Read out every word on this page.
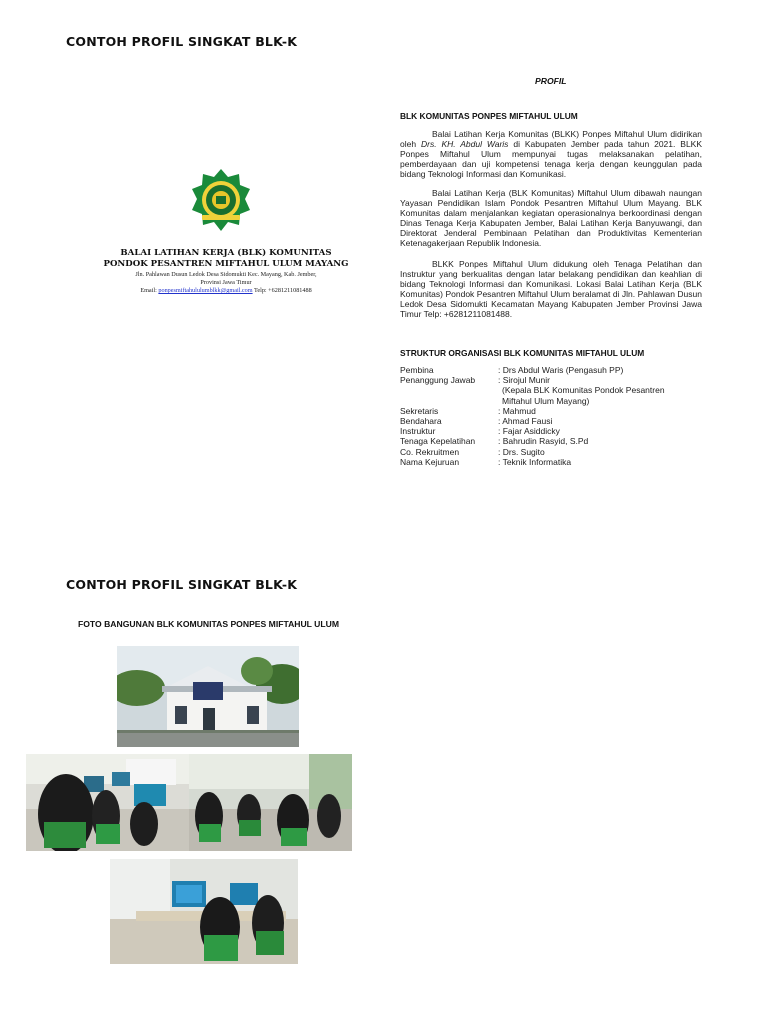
CONTOH PROFIL SINGKAT BLK-K
BALAI LATIHAN KERJA (BLK) KOMUNITAS
PONDOK PESANTREN MIFTAHUL ULUM MAYANG
Jln. Pahlawan Dusun Ledok Desa Sidomukti Kec. Mayang, Kab. Jember,
Provinsi Jawa Timur
Email: ponpesmiftahululumblkk@gmail.com Telp: +6281211081488
PROFIL
BLK KOMUNITAS PONPES MIFTAHUL ULUM

Balai Latihan Kerja Komunitas (BLKK) Ponpes Miftahul Ulum didirikan oleh Drs. KH. Abdul Waris di Kabupaten Jember pada tahun 2021. BLKK Ponpes Miftahul Ulum mempunyai tugas melaksanakan pelatihan, pemberdayaan dan uji kompetensi tenaga kerja dengan keunggulan pada bidang Teknologi Informasi dan Komunikasi.

Balai Latihan Kerja (BLK Komunitas) Miftahul Ulum dibawah naungan Yayasan Pendidikan Islam Pondok Pesantren Miftahul Ulum Mayang. BLK Komunitas dalam menjalankan kegiatan operasionalnya berkoordinasi dengan Dinas Tenaga Kerja Kabupaten Jember, Balai Latihan Kerja Banyuwangi, dan Direktorat Jenderal Pembinaan Pelatihan dan Produktivitas Kementerian Ketenagakerjaan Republik Indonesia.

BLKK Ponpes Miftahul Ulum didukung oleh Tenaga Pelatihan dan Instruktur yang berkualitas dengan latar belakang pendidikan dan keahlian di bidang Teknologi Informasi dan Komunikasi. Lokasi Balai Latihan Kerja (BLK Komunitas) Pondok Pesantren Miftahul Ulum beralamat di Jln. Pahlawan Dusun Ledok Desa Sidomukti Kecamatan Mayang Kabupaten Jember Provinsi Jawa Timur Telp: +6281211081488.

STRUKTUR ORGANISASI BLK KOMUNITAS MIFTAHUL ULUM
Pembina	: Drs Abdul Waris (Pengasuh PP)
Penanggung Jawab	: Sirojul Munir
(Kepala BLK Komunitas Pondok Pesantren
Miftahul Ulum Mayang)
Sekretaris	: Mahmud
Bendahara	: Ahmad Fausi
Instruktur	: Fajar Asiddicky
Tenaga Kepelatihan	: Bahrudin Rasyid, S.Pd
Co. Rekruitmen	: Drs. Sugito
Nama Kejuruan	: Teknik Informatika
CONTOH PROFIL SINGKAT BLK-K
FOTO BANGUNAN BLK KOMUNITAS PONPES MIFTAHUL ULUM
